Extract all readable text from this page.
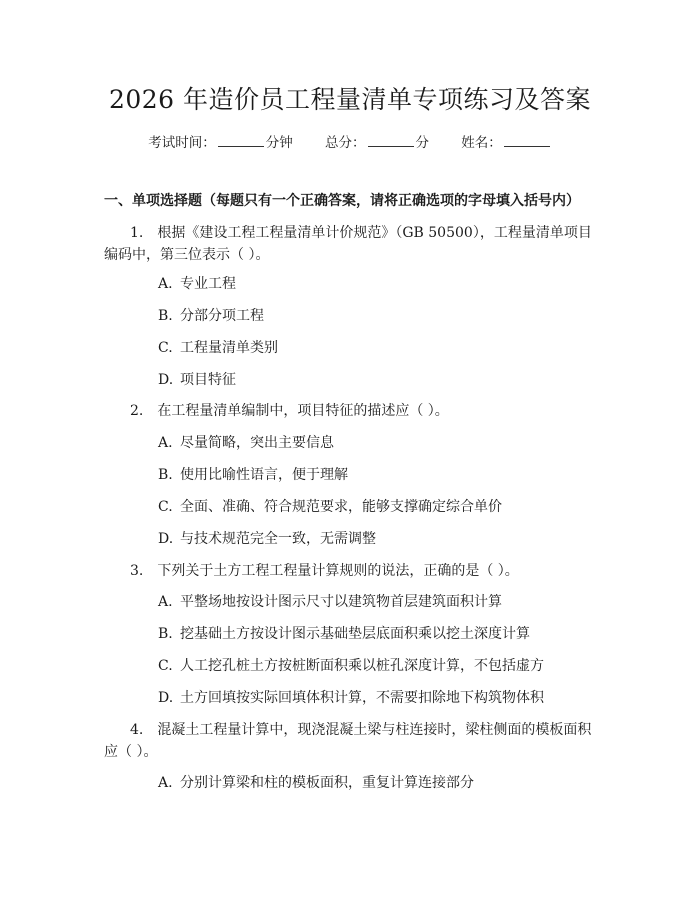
2026 年造价员工程量清单专项练习及答案
考试时间：	分钟 总分：	分 姓名：
一、单项选择题（每题只有一个正确答案，请将正确选项的字母填入括号内）
1. 根据《建设工程工程量清单计价规范》（GB 50500），工程量清单项目编码中，第三位表示（ ）。
A. 专业工程
B. 分部分项工程
C. 工程量清单类别
D. 项目特征
2. 在工程量清单编制中，项目特征的描述应（ ）。
A. 尽量简略，突出主要信息
B. 使用比喻性语言，便于理解
C. 全面、准确、符合规范要求，能够支撑确定综合单价
D. 与技术规范完全一致，无需调整
3. 下列关于土方工程工程量计算规则的说法，正确的是（ ）。
A. 平整场地按设计图示尺寸以建筑物首层建筑面积计算
B. 挖基础土方按设计图示基础垫层底面积乘以挖土深度计算
C. 人工挖孔桩土方按桩断面积乘以桩孔深度计算，不包括虚方
D. 土方回填按实际回填体积计算，不需要扣除地下构筑物体积
4. 混凝土工程量计算中，现浇混凝土梁与柱连接时，梁柱侧面的模板面积应（ ）。
A. 分别计算梁和柱的模板面积，重复计算连接部分
